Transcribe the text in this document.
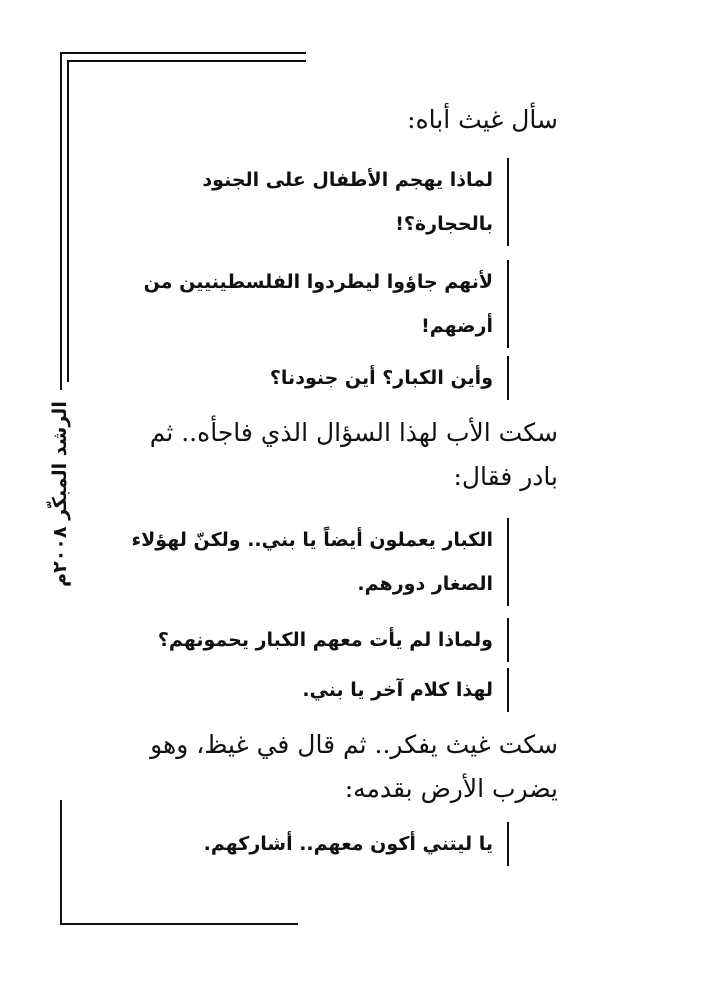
الرشد المبكّر ٢٠٠٨م
سأل غيث أباه:
لماذا يهجم الأطفال على الجنود بالحجارة؟!
لأنهم جاؤوا ليطردوا الفلسطينيين من أرضهم!
وأين الكبار؟ أين جنودنا؟
سكت الأب لهذا السؤال الذي فاجأه.. ثم بادر فقال:
الكبار يعملون أيضاً يا بني.. ولكنّ لهؤلاء الصغار دورهم.
ولماذا لم يأت معهم الكبار يحمونهم؟
لهذا كلام آخر يا بني.
سكت غيث يفكر.. ثم قال في غيظ، وهو يضرب الأرض بقدمه:
يا ليتني أكون معهم.. أشاركهم.
